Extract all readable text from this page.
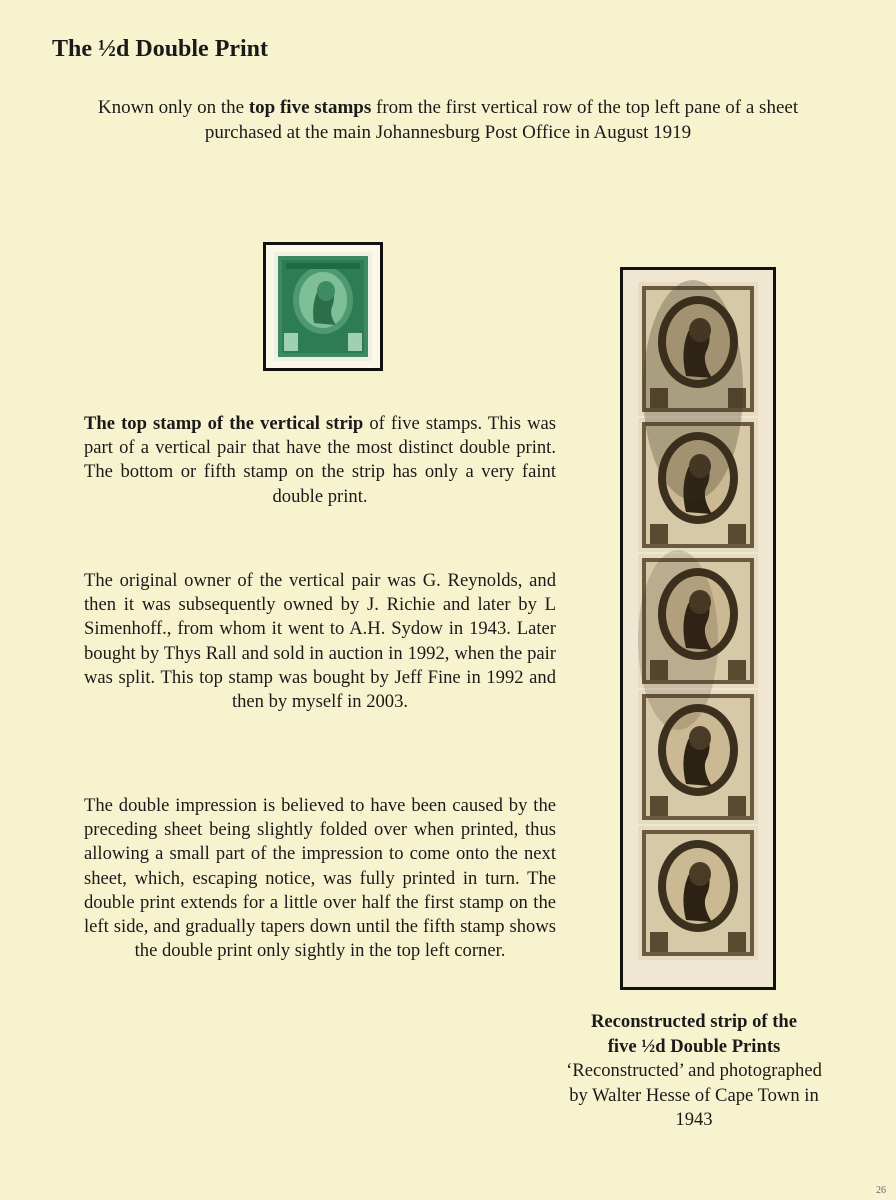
The ½d Double Print
Known only on the top five stamps from the first vertical row of the top left pane of a sheet purchased at the main Johannesburg Post Office in August 1919
The top stamp of the vertical strip of five stamps. This was part of a vertical pair that have the most distinct double print. The bottom or fifth stamp on the strip has only a very faint double print.
The original owner of the vertical pair was G. Reynolds, and then it was subsequently owned by J. Richie and later by L Simenhoff., from whom it went to A.H. Sydow in 1943. Later bought by Thys Rall and sold in auction in 1992, when the pair was split. This top stamp was bought by Jeff Fine in 1992 and then by myself in 2003.
The double impression is believed to have been caused by the preceding sheet being slightly folded over when printed, thus allowing a small part of the impression to come onto the next sheet, which, escaping notice, was fully printed in turn. The double print extends for a little over half the first stamp on the left side, and gradually tapers down until the fifth stamp shows the double print only sightly in the top left corner.
Reconstructed strip of the
five ½d Double Prints
‘Reconstructed’ and photographed by Walter Hesse of Cape Town in 1943
26
